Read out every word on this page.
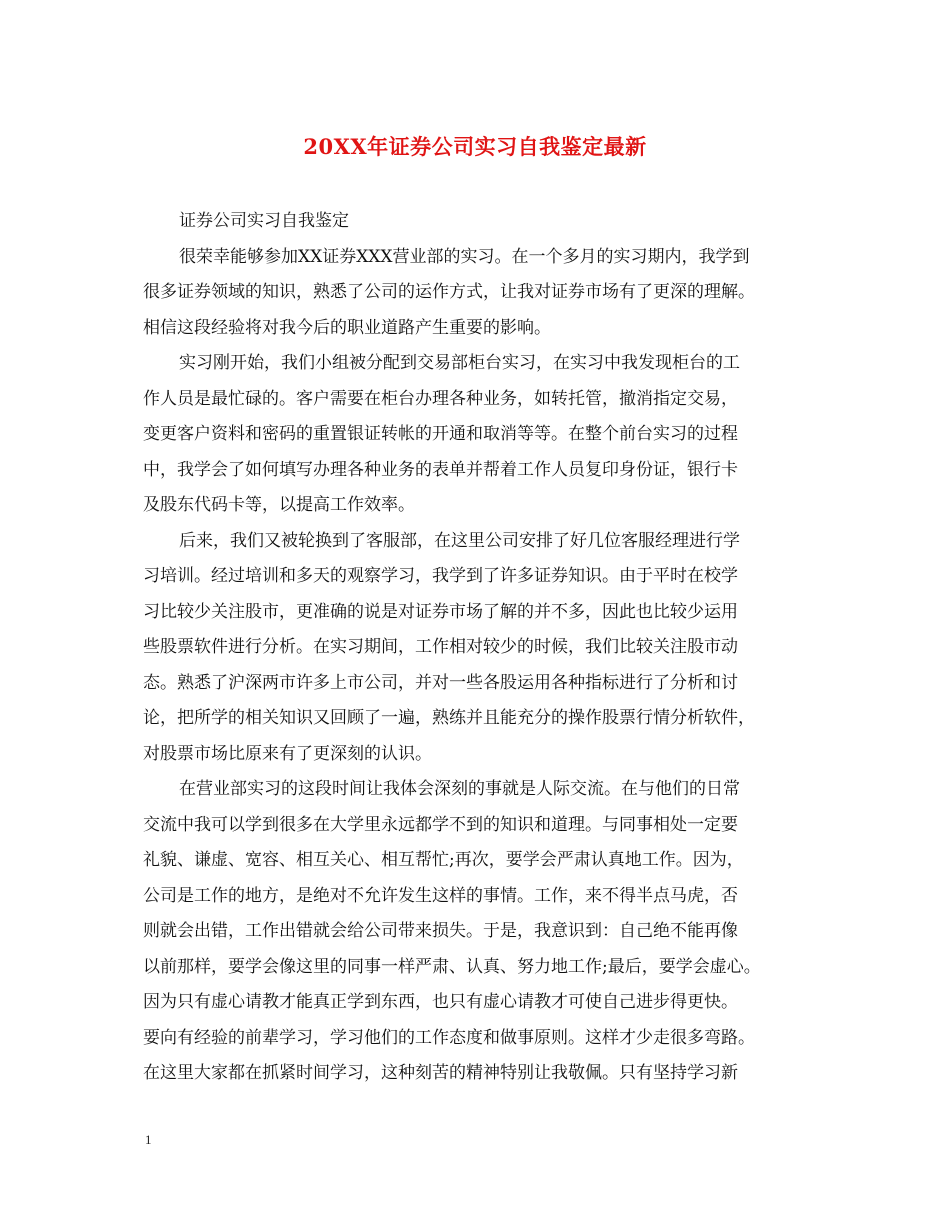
20XX年证券公司实习自我鉴定最新
证券公司实习自我鉴定
很荣幸能够参加XX证券XXX营业部的实习。在一个多月的实习期内，我学到
很多证券领域的知识，熟悉了公司的运作方式，让我对证券市场有了更深的理解。
相信这段经验将对我今后的职业道路产生重要的影响。
实习刚开始，我们小组被分配到交易部柜台实习，在实习中我发现柜台的工
作人员是最忙碌的。客户需要在柜台办理各种业务，如转托管，撤消指定交易，
变更客户资料和密码的重置银证转帐的开通和取消等等。在整个前台实习的过程
中，我学会了如何填写办理各种业务的表单并帮着工作人员复印身份证，银行卡
及股东代码卡等，以提高工作效率。
后来，我们又被轮换到了客服部，在这里公司安排了好几位客服经理进行学
习培训。经过培训和多天的观察学习，我学到了许多证券知识。由于平时在校学
习比较少关注股市，更准确的说是对证券市场了解的并不多，因此也比较少运用
些股票软件进行分析。在实习期间，工作相对较少的时候，我们比较关注股市动
态。熟悉了沪深两市许多上市公司，并对一些各股运用各种指标进行了分析和讨
论，把所学的相关知识又回顾了一遍，熟练并且能充分的操作股票行情分析软件，
对股票市场比原来有了更深刻的认识。
在营业部实习的这段时间让我体会深刻的事就是人际交流。在与他们的日常
交流中我可以学到很多在大学里永远都学不到的知识和道理。与同事相处一定要
礼貌、谦虚、宽容、相互关心、相互帮忙;再次，要学会严肃认真地工作。因为，
公司是工作的地方，是绝对不允许发生这样的事情。工作，来不得半点马虎，否
则就会出错，工作出错就会给公司带来损失。于是，我意识到：自己绝不能再像
以前那样，要学会像这里的同事一样严肃、认真、努力地工作;最后，要学会虚心。
因为只有虚心请教才能真正学到东西，也只有虚心请教才可使自己进步得更快。
要向有经验的前辈学习，学习他们的工作态度和做事原则。这样才少走很多弯路。
在这里大家都在抓紧时间学习，这种刻苦的精神特别让我敬佩。只有坚持学习新
1
